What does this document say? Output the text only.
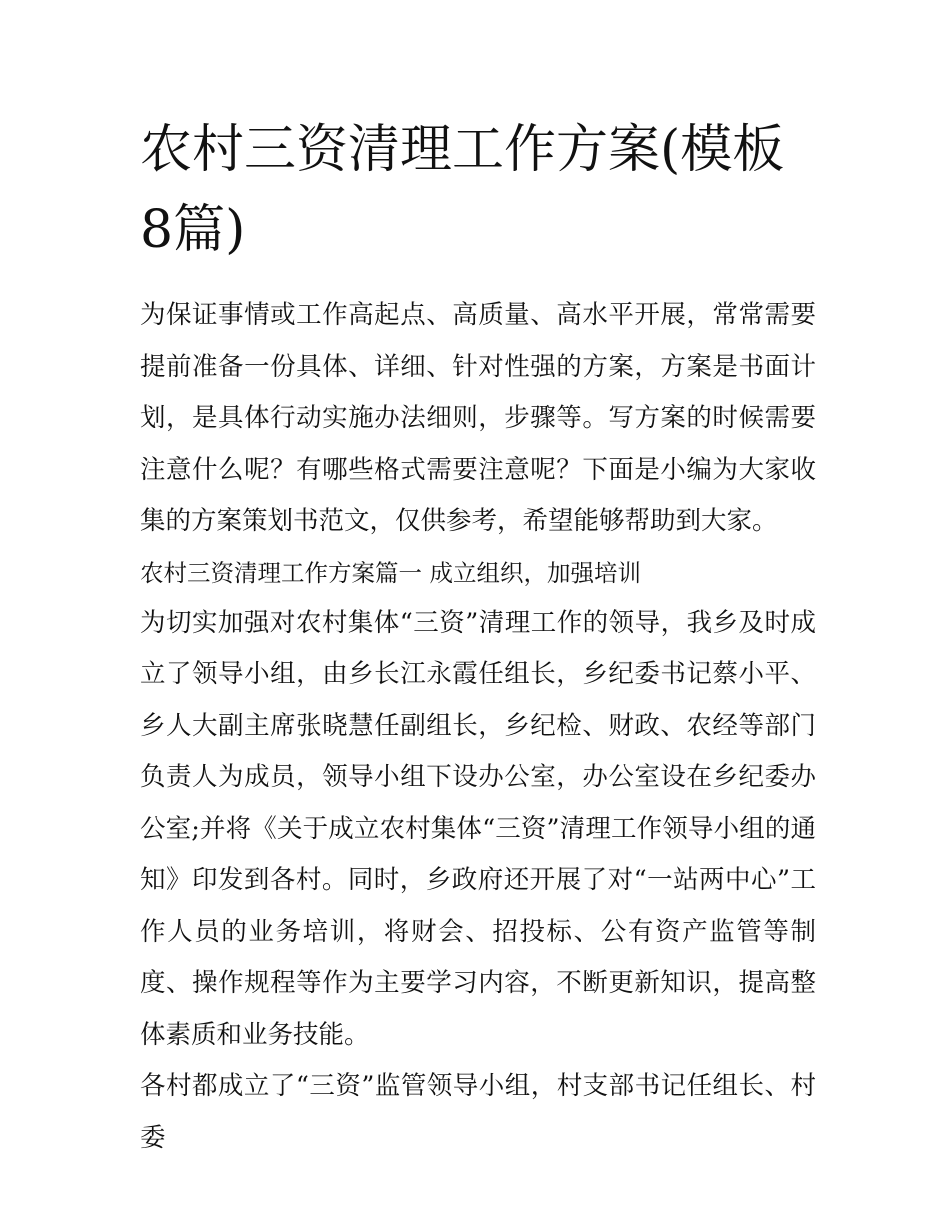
农村三资清理工作方案(模板8篇)

为保证事情或工作高起点、高质量、高水平开展，常常需要提前准备一份具体、详细、针对性强的方案，方案是书面计划，是具体行动实施办法细则，步骤等。写方案的时候需要注意什么呢？有哪些格式需要注意呢？下面是小编为大家收集的方案策划书范文，仅供参考，希望能够帮助到大家。

农村三资清理工作方案篇一 成立组织，加强培训

为切实加强对农村集体“三资”清理工作的领导，我乡及时成立了领导小组，由乡长江永霞任组长，乡纪委书记蔡小平、乡人大副主席张晓慧任副组长，乡纪检、财政、农经等部门负责人为成员，领导小组下设办公室，办公室设在乡纪委办公室;并将《关于成立农村集体“三资”清理工作领导小组的通知》印发到各村。同时，乡政府还开展了对“一站两中心”工作人员的业务培训，将财会、招投标、公有资产监管等制度、操作规程等作为主要学习内容，不断更新知识，提高整体素质和业务技能。

各村都成立了“三资”监管领导小组，村支部书记任组长、村委
